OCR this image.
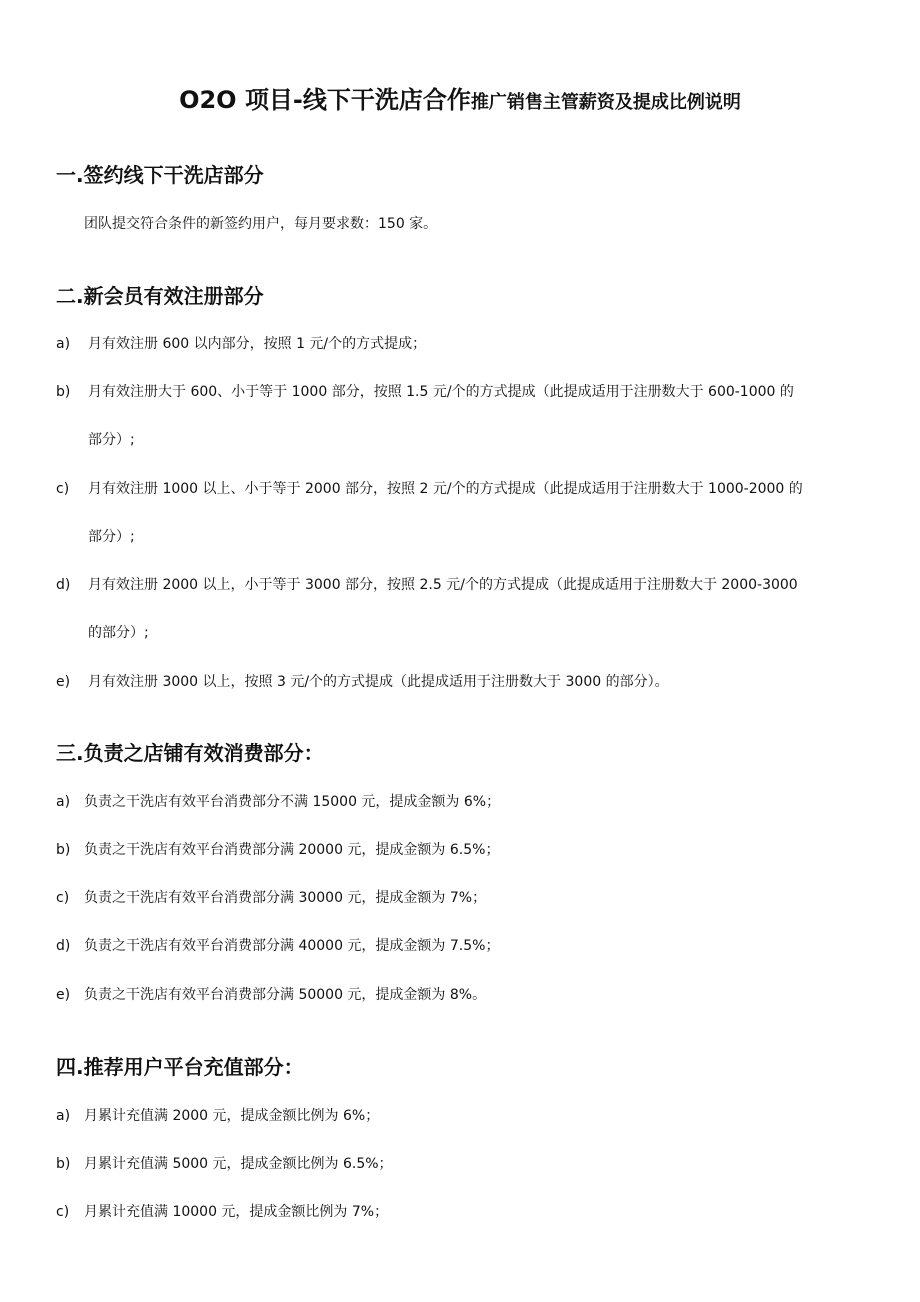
O2O 项目-线下干洗店合作推广销售主管薪资及提成比例说明
一.签约线下干洗店部分
团队提交符合条件的新签约用户，每月要求数：150 家。
二.新会员有效注册部分
a)	月有效注册 600 以内部分，按照 1 元/个的方式提成；
b)	月有效注册大于 600、小于等于 1000 部分，按照 1.5 元/个的方式提成（此提成适用于注册数大于 600-1000 的
部分）;
c)	月有效注册 1000 以上、小于等于 2000 部分，按照 2 元/个的方式提成（此提成适用于注册数大于 1000-2000 的
部分）;
d)	月有效注册 2000 以上，小于等于 3000 部分，按照 2.5 元/个的方式提成（此提成适用于注册数大于 2000-3000
的部分）;
e)	月有效注册 3000 以上，按照 3 元/个的方式提成（此提成适用于注册数大于 3000 的部分）。
三.负责之店铺有效消费部分：
a) 负责之干洗店有效平台消费部分不满 15000 元，提成金额为 6%；
b) 负责之干洗店有效平台消费部分满 20000 元，提成金额为 6.5%；
c)	负责之干洗店有效平台消费部分满 30000 元，提成金额为 7%；
d) 负责之干洗店有效平台消费部分满 40000 元，提成金额为 7.5%；
e) 负责之干洗店有效平台消费部分满 50000 元，提成金额为 8%。
四.推荐用户平台充值部分：
a) 月累计充值满 2000 元，提成金额比例为 6%；
b) 月累计充值满 5000 元，提成金额比例为 6.5%；
c)	月累计充值满 10000 元，提成金额比例为 7%；
